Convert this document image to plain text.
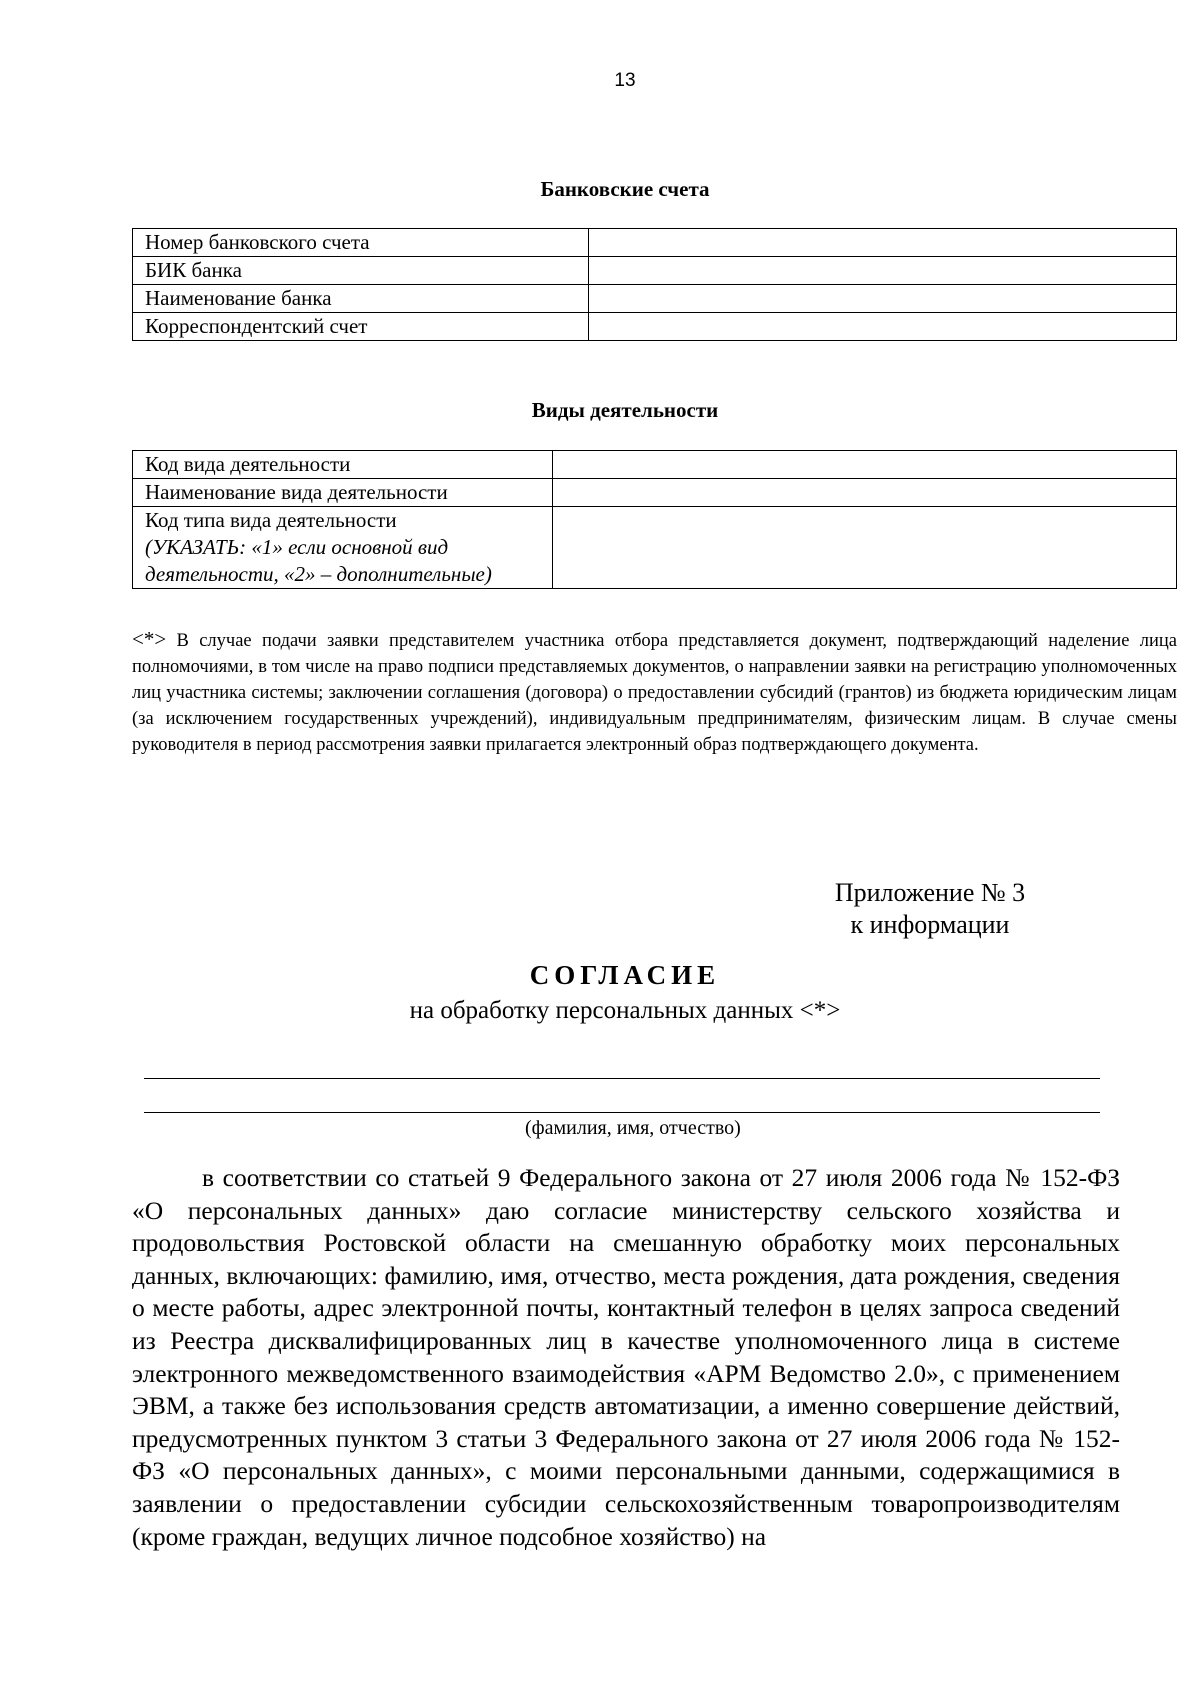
13
Банковские счета
Номер банковского счета	
БИК банка	
Наименование банка	
Корреспондентский счет	
Виды деятельности
Код вида деятельности	
Наименование вида деятельности	
Код типа вида деятельности
(УКАЗАТЬ: «1» если основной вид деятельности, «2» – дополнительные)	

<*> В случае подачи заявки представителем участника отбора представляется документ, подтверждающий наделение лица полномочиями, в том числе на право подписи представляемых документов, о направлении заявки на регистрацию уполномоченных лиц участника системы; заключении соглашения (договора) о предоставлении субсидий (грантов) из бюджета юридическим лицам (за исключением государственных учреждений), индивидуальным предпринимателям, физическим лицам. В случае смены руководителя в период рассмотрения заявки прилагается электронный образ подтверждающего документа.
Приложение № 3
к информации
СОГЛАСИЕ
на обработку персональных данных <*>
(фамилия, имя, отчество)
в соответствии со статьей 9 Федерального закона от 27 июля 2006 года № 152-ФЗ «О персональных данных» даю согласие министерству сельского хозяйства и продовольствия Ростовской области на смешанную обработку моих персональных данных, включающих: фамилию, имя, отчество, места рождения, дата рождения, сведения о месте работы, адрес электронной почты, контактный телефон в целях запроса сведений из Реестра дисквалифицированных лиц в качестве уполномоченного лица в системе электронного межведомственного взаимодействия «АРМ Ведомство 2.0», с применением ЭВМ, а также без использования средств автоматизации, а именно совершение действий, предусмотренных пунктом 3 статьи 3 Федерального закона от 27 июля 2006 года № 152-ФЗ «О персональных данных», с моими персональными данными, содержащимися в заявлении о предоставлении субсидии сельскохозяйственным товаропроизводителям (кроме граждан, ведущих личное подсобное хозяйство) на
